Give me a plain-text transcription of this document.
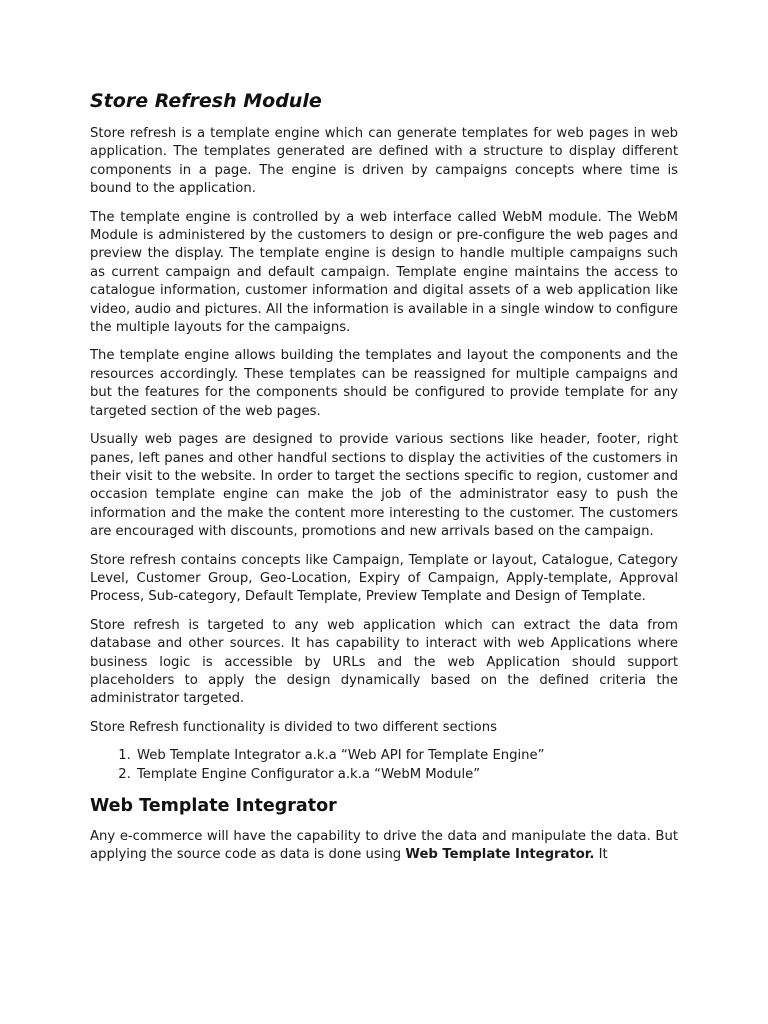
Store Refresh Module

Store refresh is a template engine which can generate templates for web pages in web application. The templates generated are defined with a structure to display different components in a page. The engine is driven by campaigns concepts where time is bound to the application.

The template engine is controlled by a web interface called WebM module. The WebM Module is administered by the customers to design or pre-configure the web pages and preview the display. The template engine is design to handle multiple campaigns such as current campaign and default campaign. Template engine maintains the access to catalogue information, customer information and digital assets of a web application like video, audio and pictures. All the information is available in a single window to configure the multiple layouts for the campaigns.

The template engine allows building the templates and layout the components and the resources accordingly. These templates can be reassigned for multiple campaigns and but the features for the components should be configured to provide template for any targeted section of the web pages.

Usually web pages are designed to provide various sections like header, footer, right panes, left panes and other handful sections to display the activities of the customers in their visit to the website. In order to target the sections specific to region, customer and occasion template engine can make the job of the administrator easy to push the information and the make the content more interesting to the customer. The customers are encouraged with discounts, promotions and new arrivals based on the campaign.

Store refresh contains concepts like Campaign, Template or layout, Catalogue, Category Level, Customer Group, Geo-Location, Expiry of Campaign, Apply-template, Approval Process, Sub-category, Default Template, Preview Template and Design of Template.

Store refresh is targeted to any web application which can extract the data from database and other sources. It has capability to interact with web Applications where business logic is accessible by URLs and the web Application should support placeholders to apply the design dynamically based on the defined criteria the administrator targeted.

Store Refresh functionality is divided to two different sections

1. Web Template Integrator a.k.a “Web API for Template Engine”
2. Template Engine Configurator a.k.a “WebM Module”
Web Template Integrator

Any e-commerce will have the capability to drive the data and manipulate the data. But applying the source code as data is done using Web Template Integrator. It
